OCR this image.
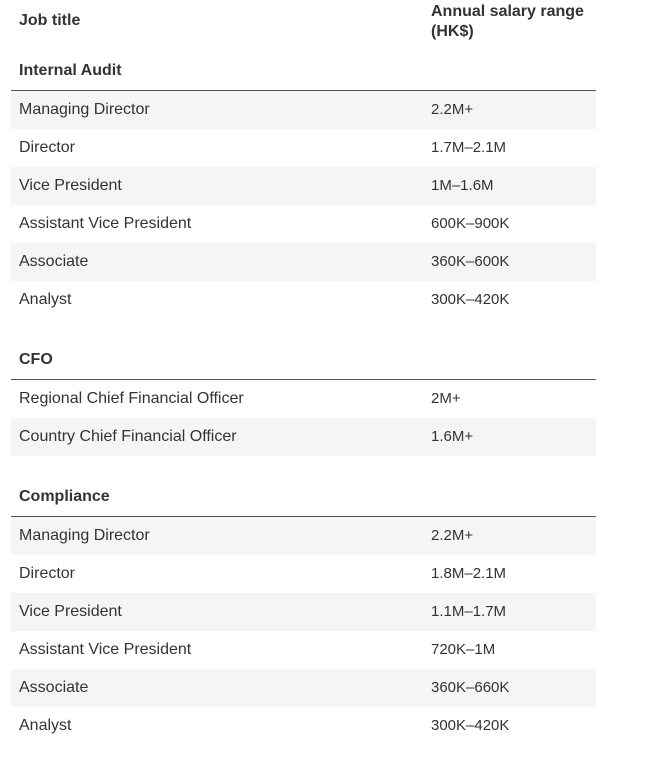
Job title
Annual salary range (HK$)
Internal Audit
Managing Director	2.2M+
Director	1.7M–2.1M
Vice President	1M–1.6M
Assistant Vice President	600K–900K
Associate	360K–600K
Analyst	300K–420K
CFO
Regional Chief Financial Officer	2M+
Country Chief Financial Officer	1.6M+
Compliance
Managing Director	2.2M+
Director	1.8M–2.1M
Vice President	1.1M–1.7M
Assistant Vice President	720K–1M
Associate	360K–660K
Analyst	300K–420K
